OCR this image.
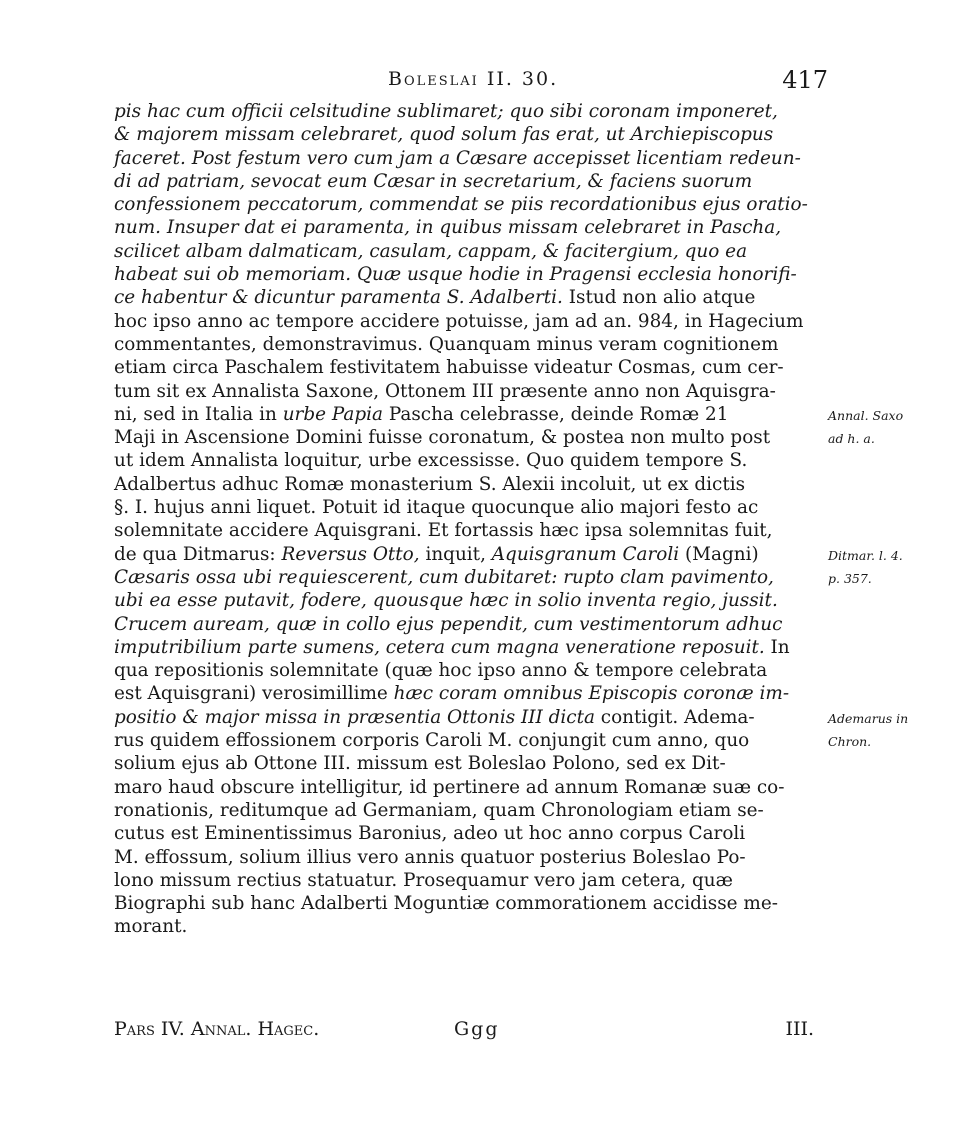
Boleslai II. 30.	417
pis hac cum officii celsitudine sublimaret; quo sibi coronam imponeret,
& majorem missam celebraret, quod solum fas erat, ut Archiepiscopus
faceret. Post festum vero cum jam a Cæsare accepisset licentiam redeun-
di ad patriam, sevocat eum Cæsar in secretarium, & faciens suorum
confessionem peccatorum, commendat se piis recordationibus ejus oratio-
num. Insuper dat ei paramenta, in quibus missam celebraret in Pascha,
scilicet albam dalmaticam, casulam, cappam, & facitergium, quo ea
habeat sui ob memoriam. Quæ usque hodie in Pragensi ecclesia honorifi-
ce habentur & dicuntur paramenta S. Adalberti. Istud non alio atque
hoc ipso anno ac tempore accidere potuisse, jam ad an. 984, in Hagecium
commentantes, demonstravimus. Quanquam minus veram cognitionem
etiam circa Paschalem festivitatem habuisse videatur Cosmas, cum cer-
tum sit ex Annalista Saxone, Ottonem III præsente anno non Aquisgra-
ni, sed in Italia in urbe Papia Pascha celebrasse, deinde Romæ 21
Maji in Ascensione Domini fuisse coronatum, & postea non multo post
ut idem Annalista loquitur, urbe excessisse. Quo quidem tempore S.
Adalbertus adhuc Romæ monasterium S. Alexii incoluit, ut ex dictis
§. I. hujus anni liquet. Potuit id itaque quocunque alio majori festo ac
solemnitate accidere Aquisgrani. Et fortassis hæc ipsa solemnitas fuit,
de qua Ditmarus: Reversus Otto, inquit, Aquisgranum Caroli (Magni)
Cæsaris ossa ubi requiescerent, cum dubitaret: rupto clam pavimento,
ubi ea esse putavit, fodere, quousque hæc in solio inventa regio, jussit.
Crucem auream, quæ in collo ejus pependit, cum vestimentorum adhuc
imputribilium parte sumens, cetera cum magna veneratione reposuit. In
qua repositionis solemnitate (quæ hoc ipso anno & tempore celebrata
est Aquisgrani) verosimillime hæc coram omnibus Episcopis coronæ im-
positio & major missa in præsentia Ottonis III dicta contigit. Adema-
rus quidem effossionem corporis Caroli M. conjungit cum anno, quo
solium ejus ab Ottone III. missum est Boleslao Polono, sed ex Dit-
maro haud obscure intelligitur, id pertinere ad annum Romanæ suæ co-
ronationis, reditumque ad Germaniam, quam Chronologiam etiam se-
cutus est Eminentissimus Baronius, adeo ut hoc anno corpus Caroli
M. effossum, solium illius vero annis quatuor posterius Boleslao Po-
lono missum rectius statuatur. Prosequamur vero jam cetera, quæ
Biographi sub hanc Adalberti Moguntiæ commorationem accidisse me-
morant.
Annal. Saxo
ad h. a.
Ditmar. l. 4.
p. 357.
Ademarus in
Chron.
Pars IV. Annal. Hagec.	Ggg	III.
